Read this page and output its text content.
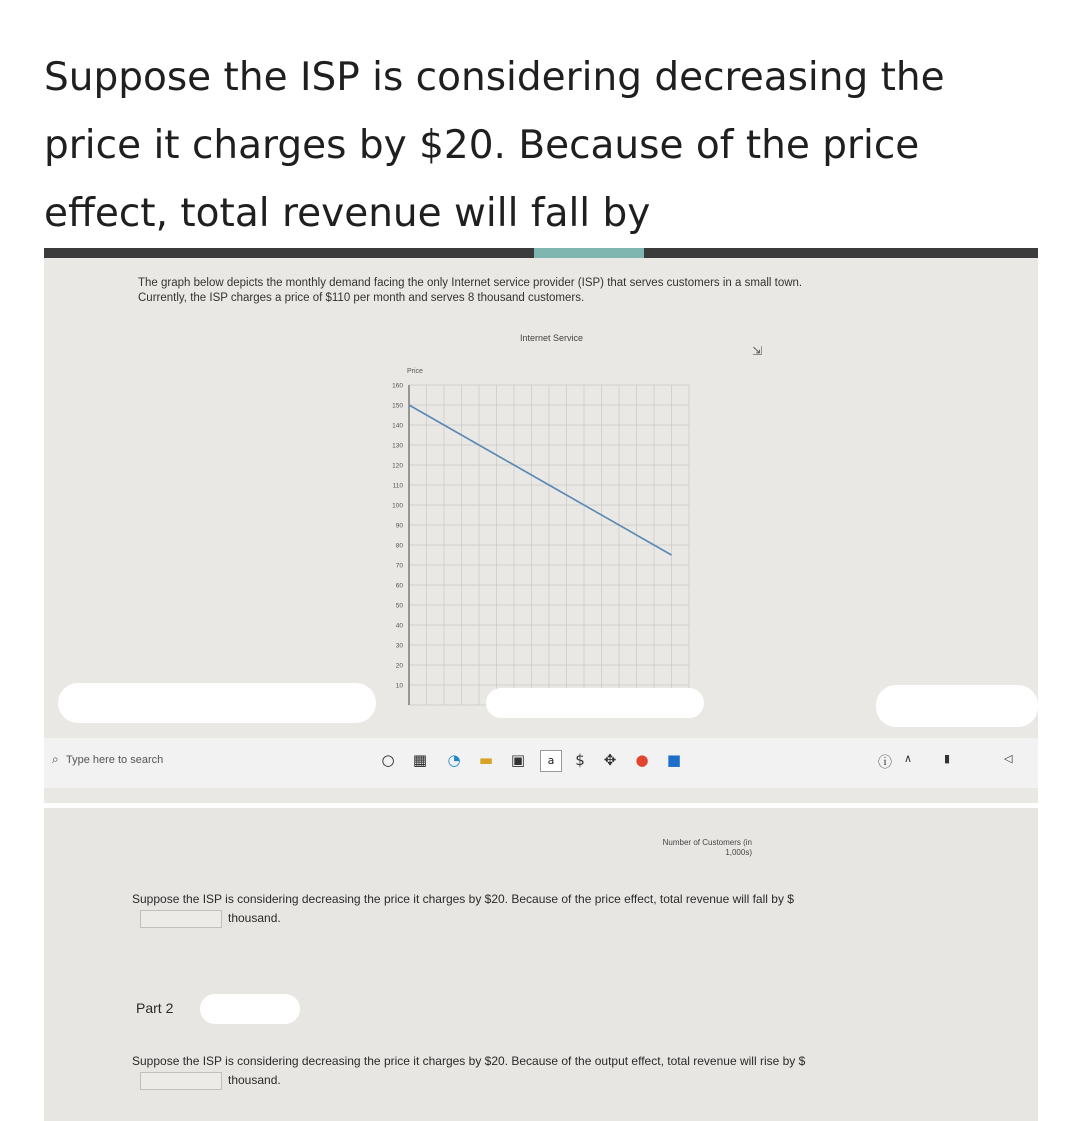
Suppose the ISP is considering decreasing the
price it charges by $20. Because of the price
effect, total revenue will fall by
The graph below depicts the monthly demand facing the only Internet service provider (ISP) that serves customers in a small town.
Currently, the ISP charges a price of $110 per month and serves 8 thousand customers.
Internet Service
⇲
Price
160
150
140
130
120
110
100
90
80
70
60
50
40
30
20
10
⌕ Type here to search	○ ▦ ◔ ▬ ▣	a	$	✥ ● ■	ⓘ ∧	▮	◁
Number of Customers (in
1,000s)
Suppose the ISP is considering decreasing the price it charges by $20. Because of the price effect, total revenue will fall by $
thousand.
Part 2
Suppose the ISP is considering decreasing the price it charges by $20. Because of the output effect, total revenue will rise by $
thousand.
